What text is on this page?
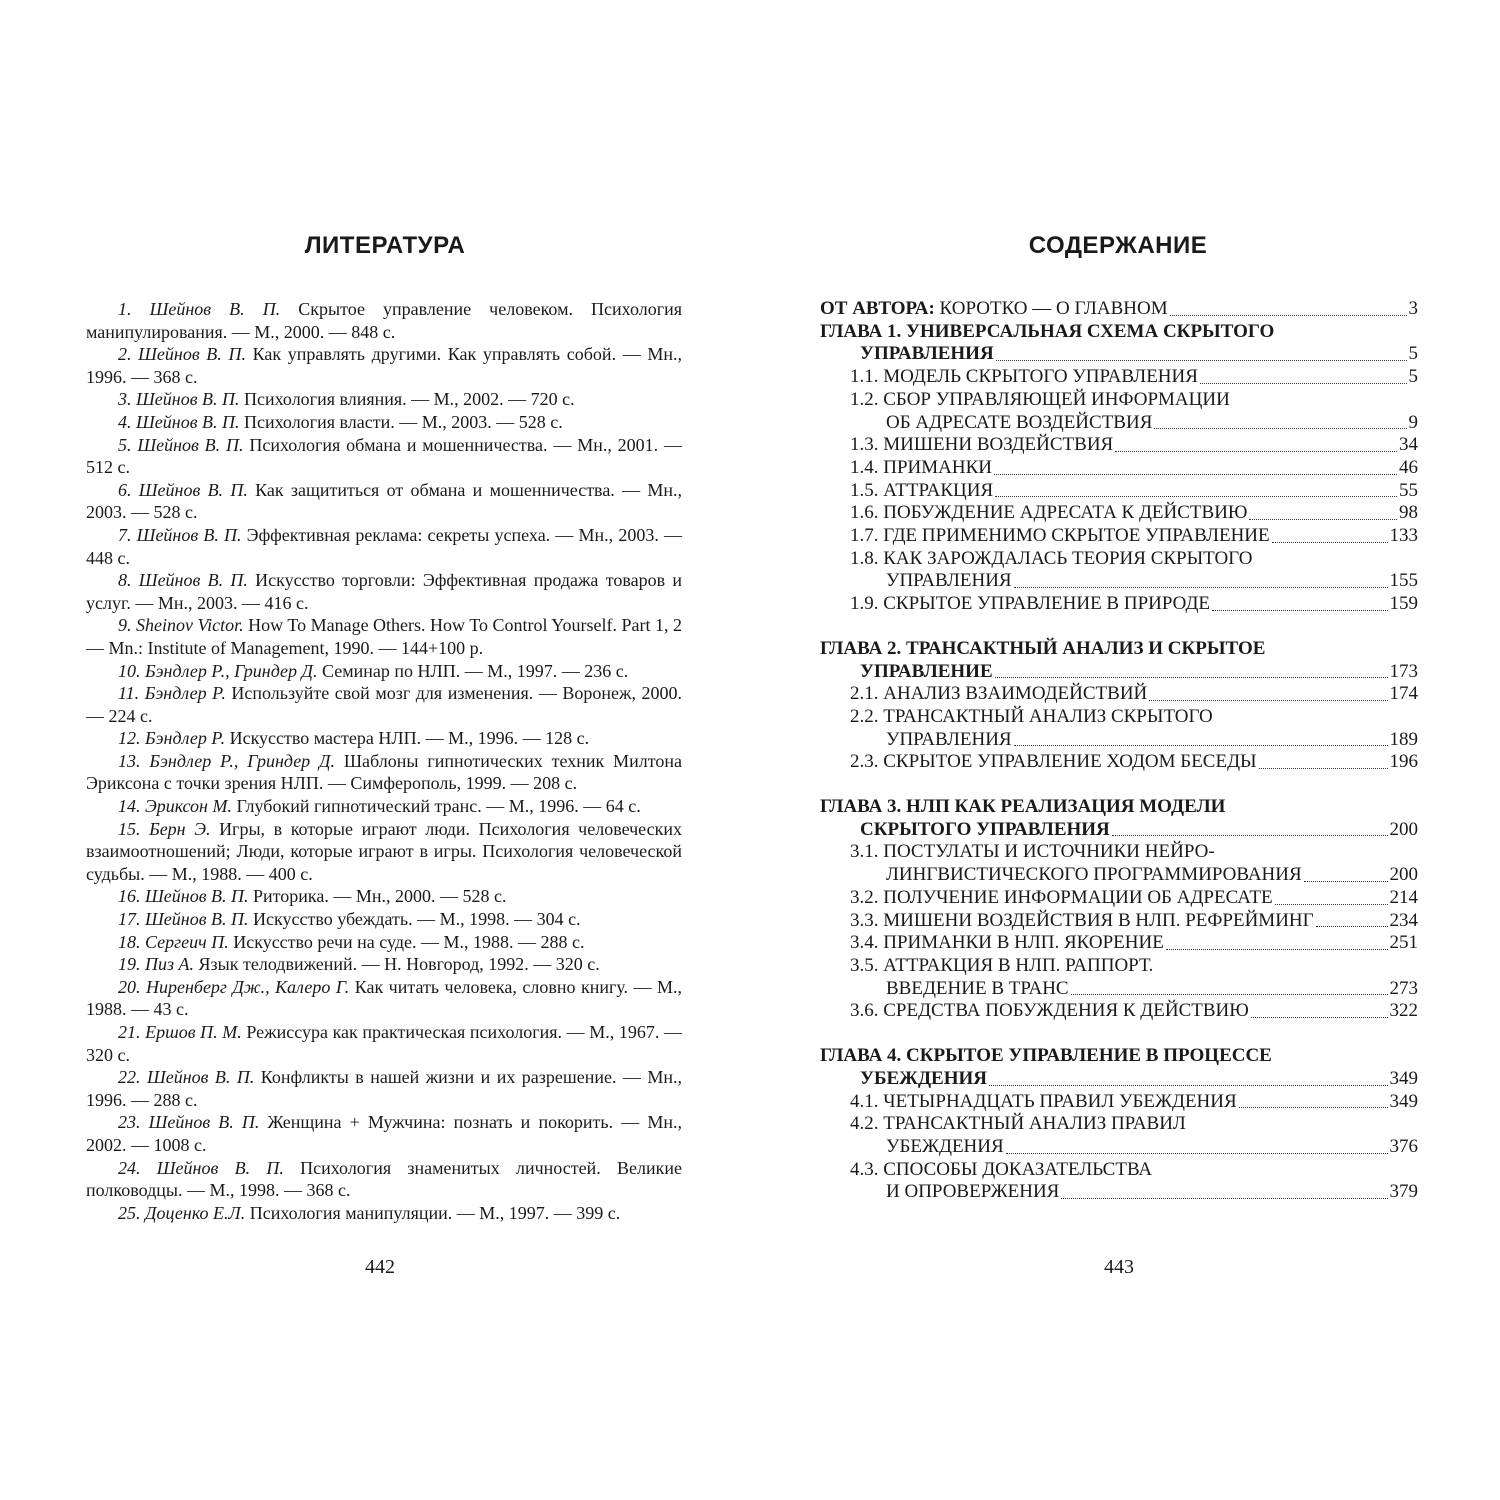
ЛИТЕРАТУРА

1. Шейнов В. П. Скрытое управление человеком. Психология манипулирования. — М., 2000. — 848 с.

2. Шейнов В. П. Как управлять другими. Как управлять собой. — Мн., 1996. — 368 с.

3. Шейнов В. П. Психология влияния. — М., 2002. — 720 с.

4. Шейнов В. П. Психология власти. — М., 2003. — 528 с.

5. Шейнов В. П. Психология обмана и мошенничества. — Мн., 2001. — 512 с.

6. Шейнов В. П. Как защититься от обмана и мошенничества. — Мн., 2003. — 528 с.

7. Шейнов В. П. Эффективная реклама: секреты успеха. — Мн., 2003. — 448 с.

8. Шейнов В. П. Искусство торговли: Эффективная продажа товаров и услуг. — Мн., 2003. — 416 с.

9. Sheinov Victor. How To Manage Others. How To Control Yourself. Part 1, 2 — Mn.: Institute of Management, 1990. — 144+100 p.

10. Бэндлер Р., Гриндер Д. Семинар по НЛП. — М., 1997. — 236 с.

11. Бэндлер Р. Используйте свой мозг для изменения. — Воронеж, 2000. — 224 с.

12. Бэндлер Р. Искусство мастера НЛП. — М., 1996. — 128 с.

13. Бэндлер Р., Гриндер Д. Шаблоны гипнотических техник Милтона Эриксона с точки зрения НЛП. — Симферополь, 1999. — 208 с.

14. Эриксон М. Глубокий гипнотический транс. — М., 1996. — 64 с.

15. Берн Э. Игры, в которые играют люди. Психология человеческих взаимоотношений; Люди, которые играют в игры. Психология человеческой судьбы. — М., 1988. — 400 с.

16. Шейнов В. П. Риторика. — Мн., 2000. — 528 с.

17. Шейнов В. П. Искусство убеждать. — М., 1998. — 304 с.

18. Сергеич П. Искусство речи на суде. — М., 1988. — 288 с.

19. Пиз А. Язык телодвижений. — Н. Новгород, 1992. — 320 с.

20. Ниренберг Дж., Калеро Г. Как читать человека, словно книгу. — М., 1988. — 43 с.

21. Ершов П. М. Режиссура как практическая психология. — М., 1967. — 320 с.

22. Шейнов В. П. Конфликты в нашей жизни и их разрешение. — Мн., 1996. — 288 с.

23. Шейнов В. П. Женщина + Мужчина: познать и покорить. — Мн., 2002. — 1008 с.

24. Шейнов В. П. Психология знаменитых личностей. Великие полководцы. — М., 1998. — 368 с.

25. Доценко Е.Л. Психология манипуляции. — М., 1997. — 399 с.

442
СОДЕРЖАНИЕ
ОТ АВТОРА: КОРОТКО — О ГЛАВНОМ	3
ГЛАВА 1. УНИВЕРСАЛЬНАЯ СХЕМА СКРЫТОГО
УПРАВЛЕНИЯ	5
1.1. МОДЕЛЬ СКРЫТОГО УПРАВЛЕНИЯ	5
1.2. СБОР УПРАВЛЯЮЩЕЙ ИНФОРМАЦИИ
ОБ АДРЕСАТЕ ВОЗДЕЙСТВИЯ	9
1.3. МИШЕНИ ВОЗДЕЙСТВИЯ	34
1.4. ПРИМАНКИ	46
1.5. АТТРАКЦИЯ	55
1.6. ПОБУЖДЕНИЕ АДРЕСАТА К ДЕЙСТВИЮ	98
1.7. ГДЕ ПРИМЕНИМО СКРЫТОЕ УПРАВЛЕНИЕ	133
1.8. КАК ЗАРОЖДАЛАСЬ ТЕОРИЯ СКРЫТОГО
УПРАВЛЕНИЯ	155
1.9. СКРЫТОЕ УПРАВЛЕНИЕ В ПРИРОДЕ	159
ГЛАВА 2. ТРАНСАКТНЫЙ АНАЛИЗ И СКРЫТОЕ
УПРАВЛЕНИЕ	173
2.1. АНАЛИЗ ВЗАИМОДЕЙСТВИЙ	174
2.2. ТРАНСАКТНЫЙ АНАЛИЗ СКРЫТОГО
УПРАВЛЕНИЯ	189
2.3. СКРЫТОЕ УПРАВЛЕНИЕ ХОДОМ БЕСЕДЫ	196
ГЛАВА 3. НЛП КАК РЕАЛИЗАЦИЯ МОДЕЛИ
СКРЫТОГО УПРАВЛЕНИЯ	200
3.1. ПОСТУЛАТЫ И ИСТОЧНИКИ НЕЙРО-
ЛИНГВИСТИЧЕСКОГО ПРОГРАММИРОВАНИЯ	200
3.2. ПОЛУЧЕНИЕ ИНФОРМАЦИИ ОБ АДРЕСАТЕ	214
3.3. МИШЕНИ ВОЗДЕЙСТВИЯ В НЛП. РЕФРЕЙМИНГ	234
3.4. ПРИМАНКИ В НЛП. ЯКОРЕНИЕ	251
3.5. АТТРАКЦИЯ В НЛП. РАППОРТ.
ВВЕДЕНИЕ В ТРАНС	273
3.6. СРЕДСТВА ПОБУЖДЕНИЯ К ДЕЙСТВИЮ	322
ГЛАВА 4. СКРЫТОЕ УПРАВЛЕНИЕ В ПРОЦЕССЕ
УБЕЖДЕНИЯ	349
4.1. ЧЕТЫРНАДЦАТЬ ПРАВИЛ УБЕЖДЕНИЯ	349
4.2. ТРАНСАКТНЫЙ АНАЛИЗ ПРАВИЛ
УБЕЖДЕНИЯ	376
4.3. СПОСОБЫ ДОКАЗАТЕЛЬСТВА
И ОПРОВЕРЖЕНИЯ	379
443
